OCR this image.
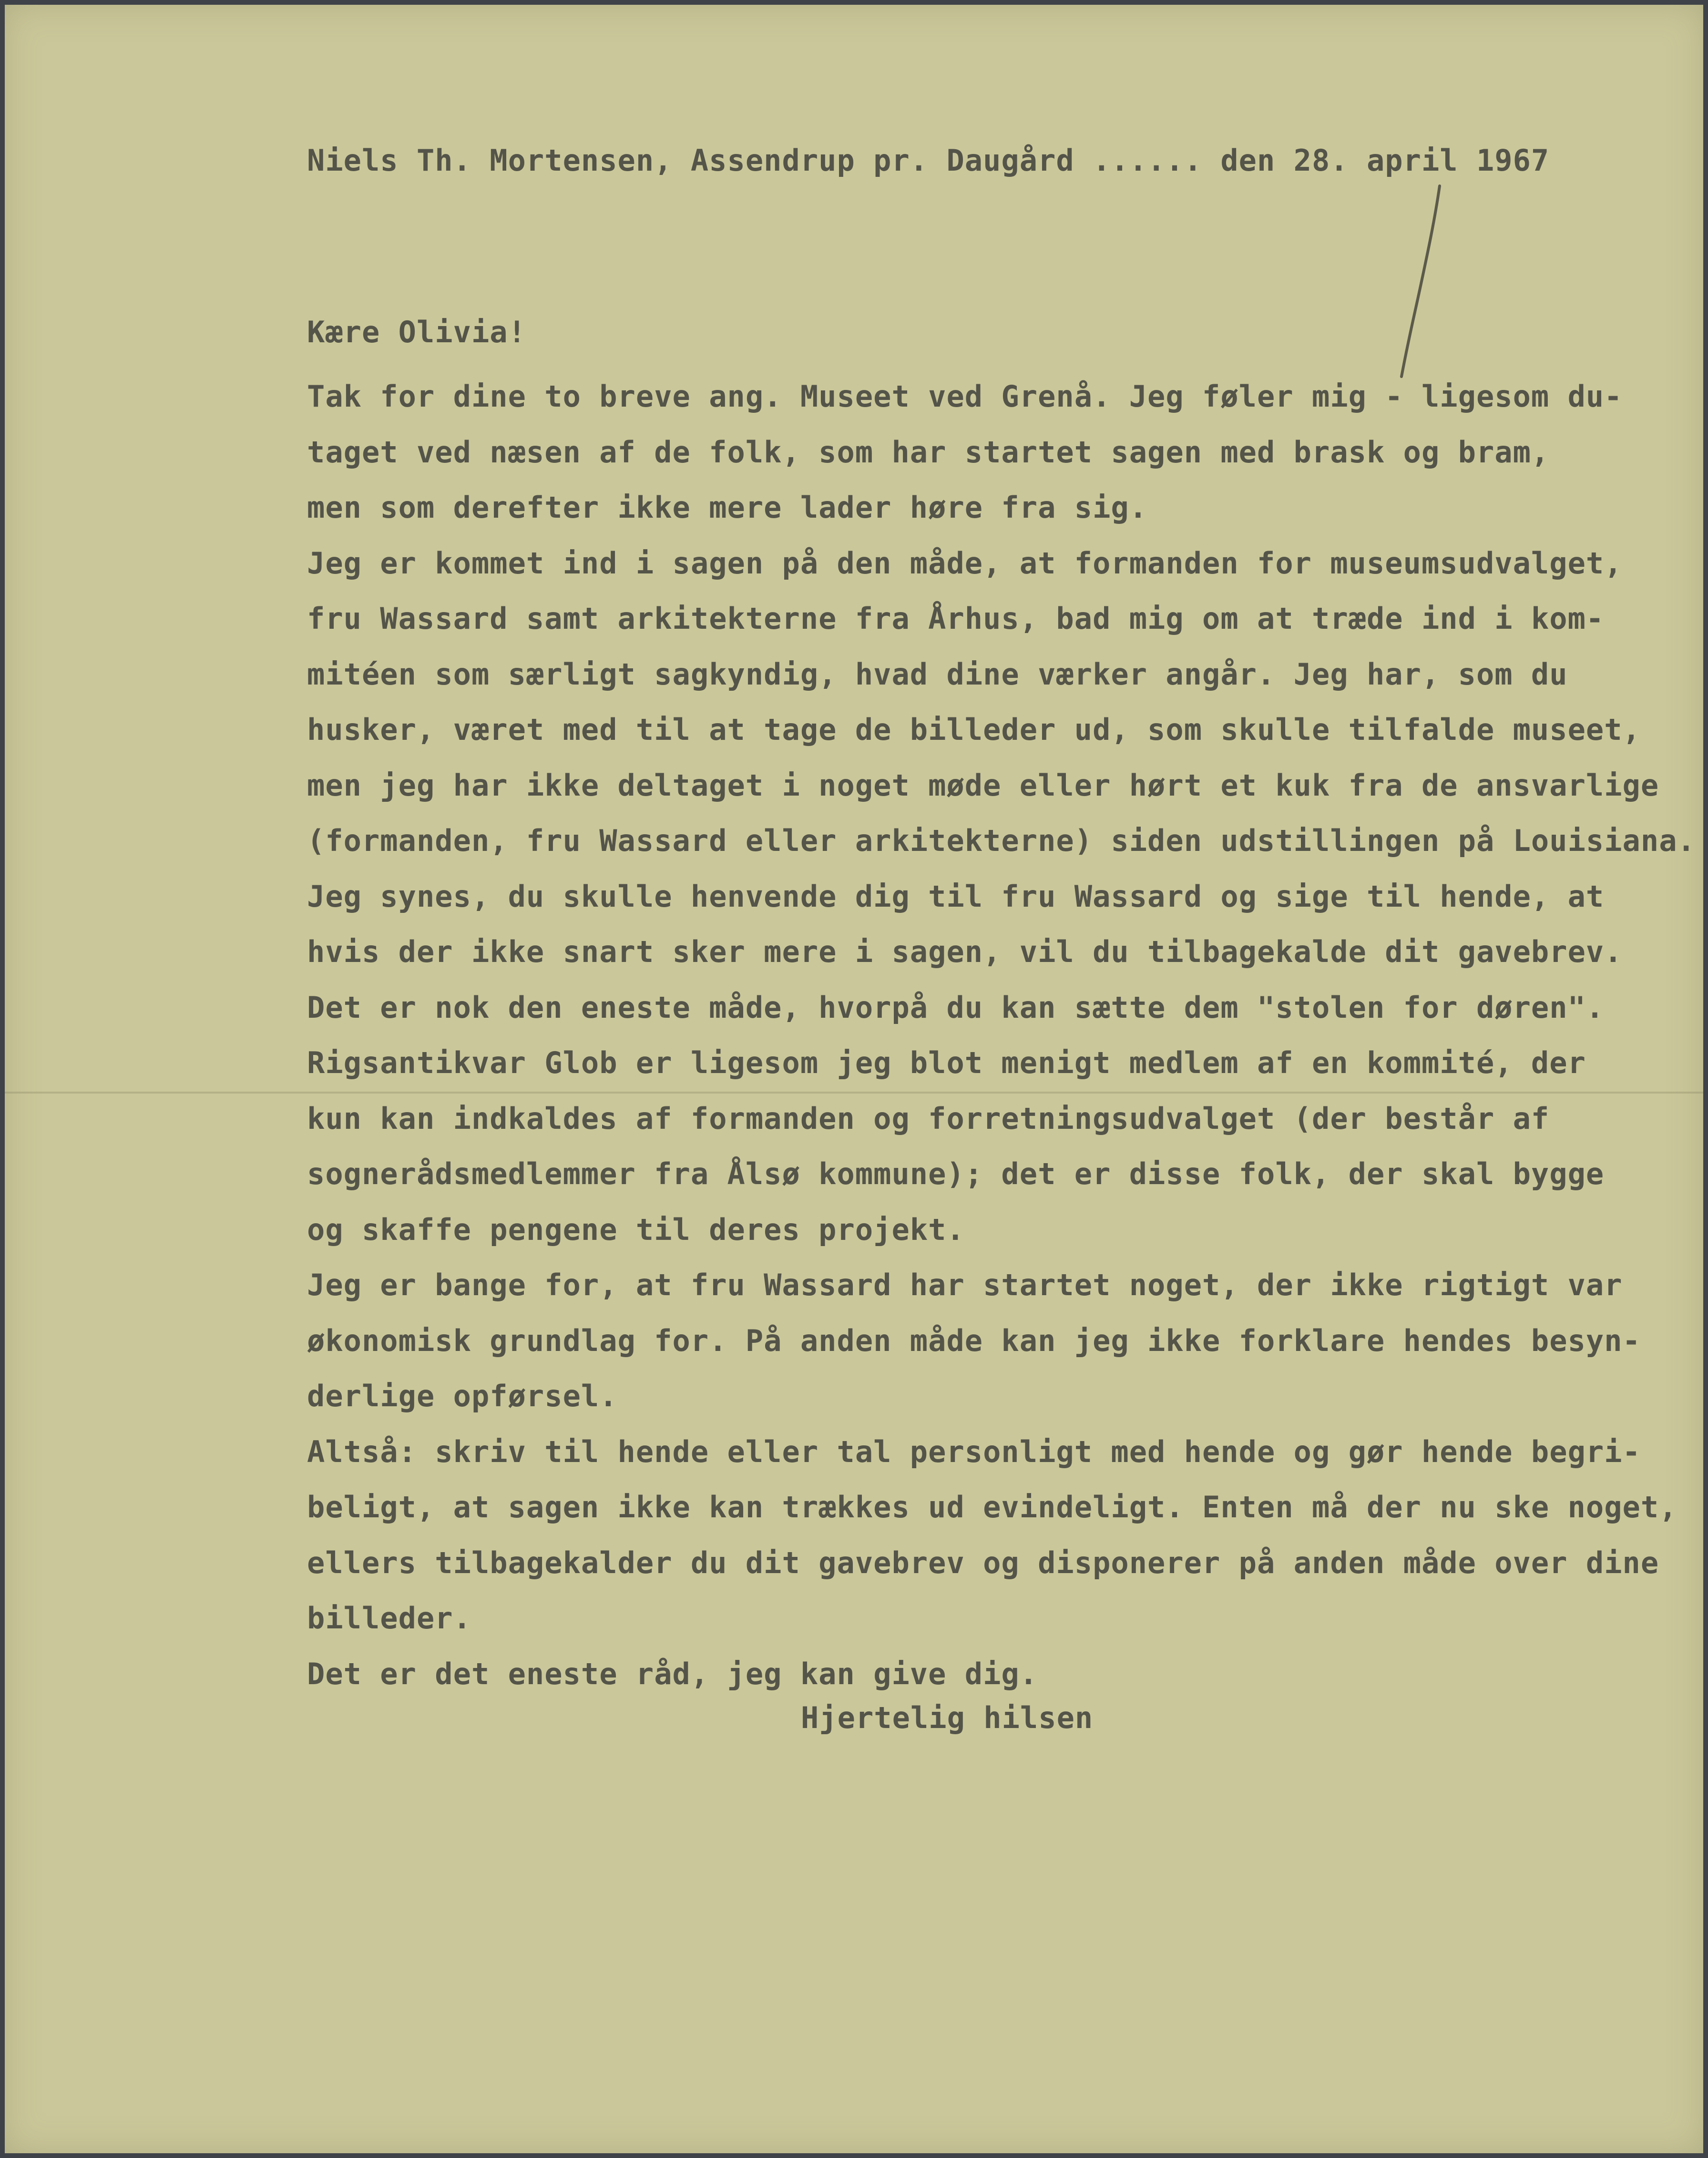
Niels Th. Mortensen, Assendrup pr. Daugård ...... den 28. april 1967
Kære Olivia!
Tak for dine to breve ang. Museet ved Grenå. Jeg føler mig - ligesom du-
taget ved næsen af de folk, som har startet sagen med brask og bram,
men som derefter ikke mere lader høre fra sig.
Jeg er kommet ind i sagen på den måde, at formanden for museumsudvalget,
fru Wassard samt arkitekterne fra Århus, bad mig om at træde ind i kom-
mitéen som særligt sagkyndig, hvad dine værker angår. Jeg har, som du
husker, været med til at tage de billeder ud, som skulle tilfalde museet,
men jeg har ikke deltaget i noget møde eller hørt et kuk fra de ansvarlige
(formanden, fru Wassard eller arkitekterne) siden udstillingen på Louisiana.
Jeg synes, du skulle henvende dig til fru Wassard og sige til hende, at
hvis der ikke snart sker mere i sagen, vil du tilbagekalde dit gavebrev.
Det er nok den eneste måde, hvorpå du kan sætte dem "stolen for døren".
Rigsantikvar Glob er ligesom jeg blot menigt medlem af en kommité, der
kun kan indkaldes af formanden og forretningsudvalget (der består af
sognerådsmedlemmer fra Ålsø kommune); det er disse folk, der skal bygge
og skaffe pengene til deres projekt.
Jeg er bange for, at fru Wassard har startet noget, der ikke rigtigt var
økonomisk grundlag for. På anden måde kan jeg ikke forklare hendes besyn-
derlige opførsel.
Altså: skriv til hende eller tal personligt med hende og gør hende begri-
beligt, at sagen ikke kan trækkes ud evindeligt. Enten må der nu ske noget,
ellers tilbagekalder du dit gavebrev og disponerer på anden måde over dine
billeder.
Det er det eneste råd, jeg kan give dig.
Hjertelig hilsen
